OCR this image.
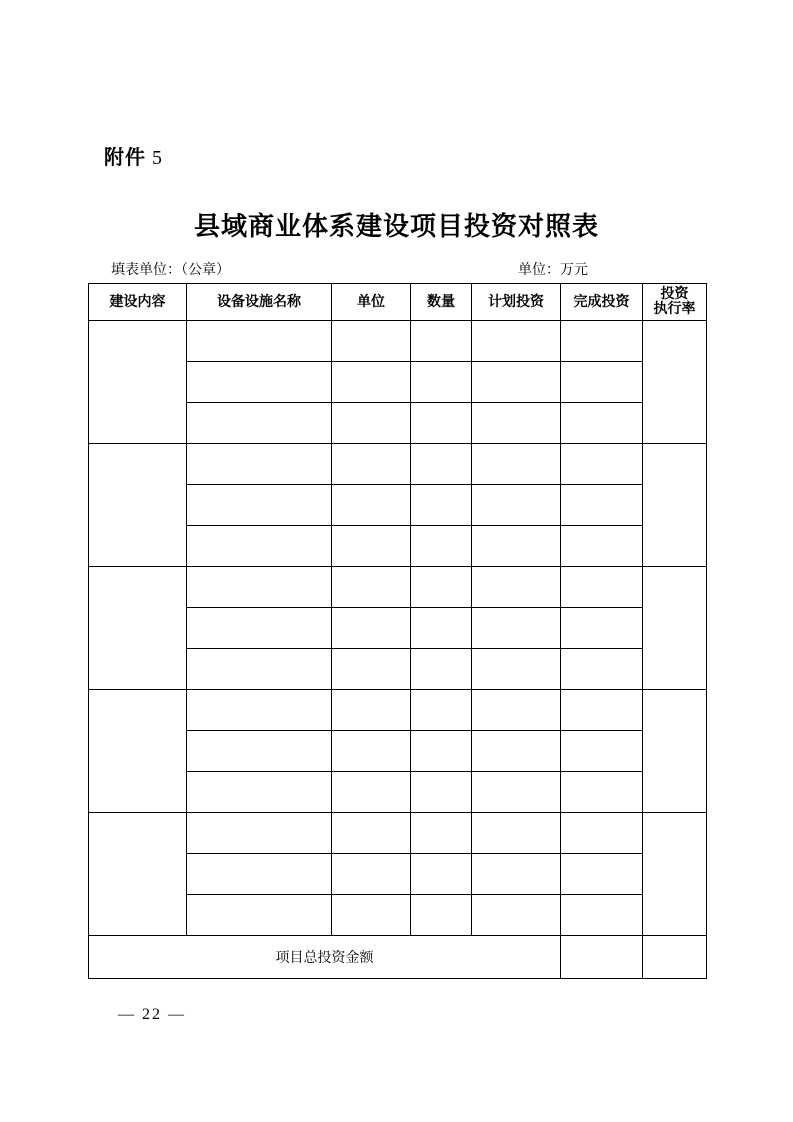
附件 5
县域商业体系建设项目投资对照表
填表单位：（公章）	单位：万元
建设内容	设备设施名称	单位	数量	计划投资	完成投资	投资
执行率

项目总投资金额						
— 22 —
